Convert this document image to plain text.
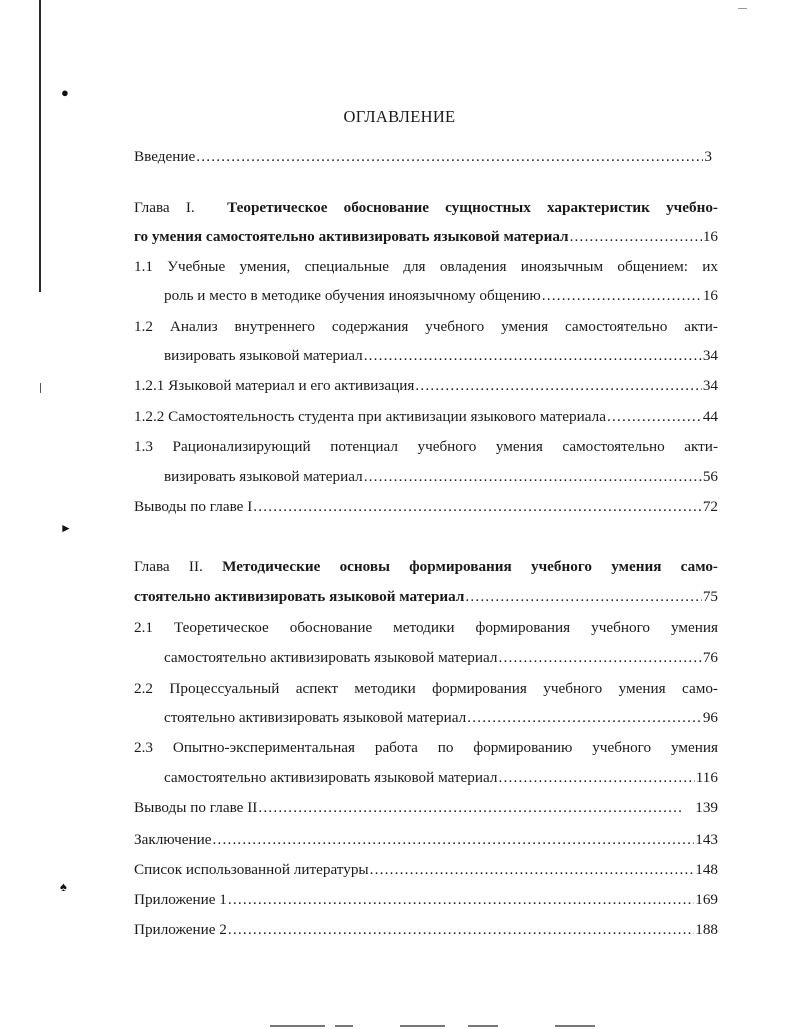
●
►
♠
ОГЛАВЛЕНИЕ
Введение .....	3
Глава I. Теоретическое обоснование сущностных характеристик учебно-
го умения самостоятельно активизировать языковой материал .....	16
1.1 Учебные умения, специальные для овладения иноязычным общением: их
роль и место в методике обучения иноязычному общению .....	16
1.2 Анализ внутреннего содержания учебного умения самостоятельно акти-
визировать языковой материал .....	34
1.2.1 Языковой материал и его активизация .....	34
1.2.2 Самостоятельность студента при активизации языкового материала .....	44
1.3 Рационализирующий потенциал учебного умения самостоятельно акти-
визировать языковой материал .....	56
Выводы по главе I .....	72
Глава II. Методические основы формирования учебного умения само-
стоятельно активизировать языковой материал .....	75
2.1 Теоретическое обоснование методики формирования учебного умения
самостоятельно активизировать языковой материал .....	76
2.2 Процессуальный аспект методики формирования учебного умения само-
стоятельно активизировать языковой материал .....	96
2.3 Опытно-экспериментальная работа по формированию учебного умения
самостоятельно активизировать языковой материал .....	116
Выводы по главе II .....	139
Заключение .....	143
Список использованной литературы .....	148
Приложение 1 .....	169
Приложение 2 .....	188
